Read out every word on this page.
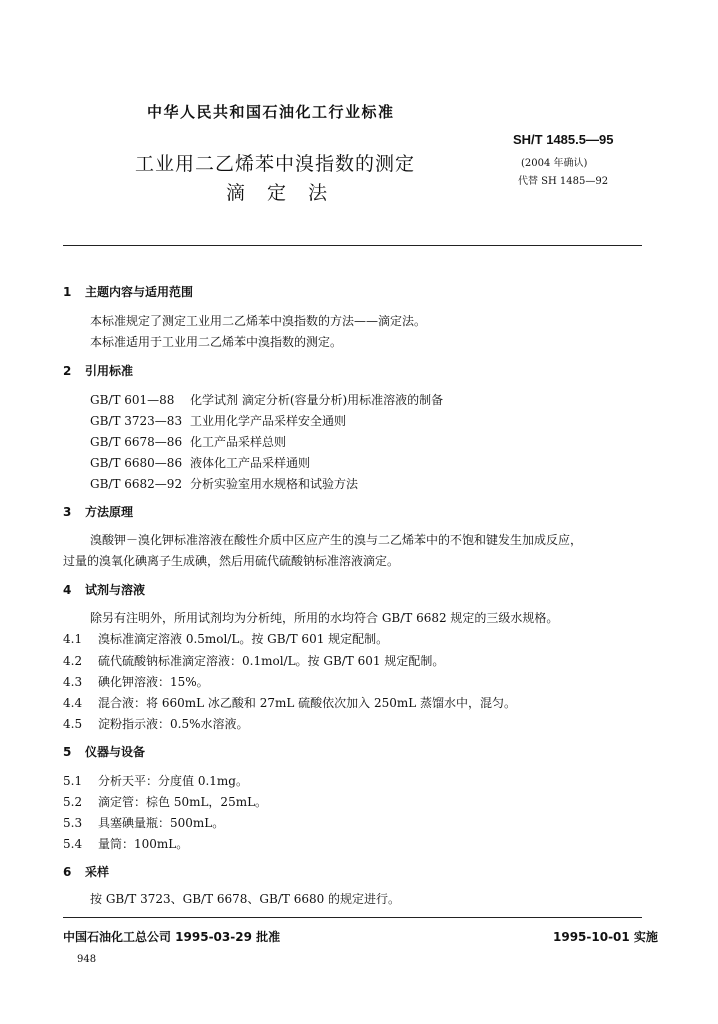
中华人民共和国石油化工行业标准
SH/T 1485.5—95
(2004 年确认)
代替 SH 1485—92
工业用二乙烯苯中溴指数的测定
滴定法
1 主题内容与适用范围
本标准规定了测定工业用二乙烯苯中溴指数的方法——滴定法。
本标准适用于工业用二乙烯苯中溴指数的测定。
2 引用标准
GB/T 601—88 化学试剂 滴定分析(容量分析)用标准溶液的制备
GB/T 3723—83 工业用化学产品采样安全通则
GB/T 6678—86 化工产品采样总则
GB/T 6680—86 液体化工产品采样通则
GB/T 6682—92 分析实验室用水规格和试验方法
3 方法原理
溴酸钾－溴化钾标准溶液在酸性介质中区应产生的溴与二乙烯苯中的不饱和键发生加成反应，
过量的溴氧化碘离子生成碘，然后用硫代硫酸钠标准溶液滴定。
4 试剂与溶液
除另有注明外，所用试剂均为分析纯，所用的水均符合 GB/T 6682 规定的三级水规格。
4.1 溴标准滴定溶液 0.5mol/L。按 GB/T 601 规定配制。
4.2 硫代硫酸钠标准滴定溶液：0.1mol/L。按 GB/T 601 规定配制。
4.3 碘化钾溶液：15%。
4.4 混合液：将 660mL 冰乙酸和 27mL 硫酸依次加入 250mL 蒸馏水中，混匀。
4.5 淀粉指示液：0.5%水溶液。
5 仪器与设备
5.1 分析天平：分度值 0.1mg。
5.2 滴定管：棕色 50mL，25mL。
5.3 具塞碘量瓶：500mL。
5.4 量筒：100mL。
6 采样
按 GB/T 3723、GB/T 6678、GB/T 6680 的规定进行。
中国石油化工总公司 1995-03-29 批准	1995-10-01 实施
948
